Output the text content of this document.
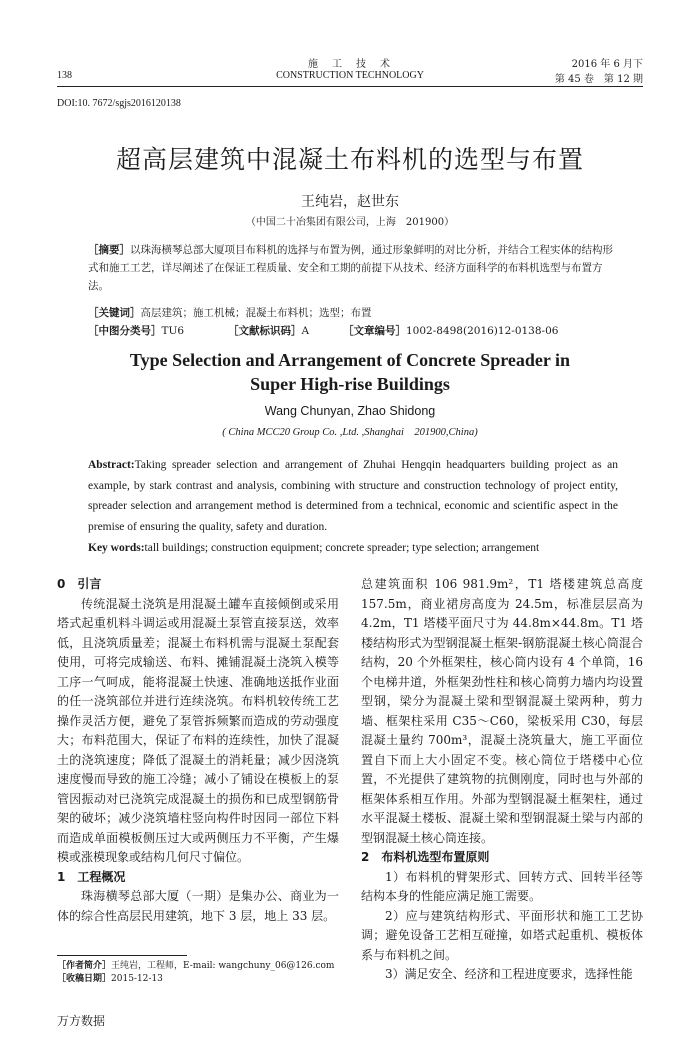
138
施　工　技　术
CONSTRUCTION TECHNOLOGY
2016 年 6 月下
第 45 卷　第 12 期
DOI:10. 7672/sgjs2016120138
超高层建筑中混凝土布料机的选型与布置
王纯岩，赵世东
（中国二十冶集团有限公司，上海　201900）
［摘要］以珠海横琴总部大厦项目布料机的选择与布置为例，通过形象鲜明的对比分析，并结合工程实体的结构形式和施工工艺，详尽阐述了在保证工程质量、安全和工期的前提下从技术、经济方面科学的布料机选型与布置方法。
［关键词］高层建筑；施工机械；混凝土布料机；选型；布置
［中图分类号］TU6	［文献标识码］A	［文章编号］1002-8498(2016)12-0138-06
Type Selection and Arrangement of Concrete Spreader in
Super High-rise Buildings
Wang Chunyan, Zhao Shidong
( China MCC20 Group Co. ,Ltd. ,Shanghai　201900,China)
Abstract:Taking spreader selection and arrangement of Zhuhai Hengqin headquarters building project as an example, by stark contrast and analysis, combining with structure and construction technology of project entity, spreader selection and arrangement method is determined from a technical, economic and scientific aspect in the premise of ensuring the quality, safety and duration.
Key words:tall buildings; construction equipment; concrete spreader; type selection; arrangement
0　引言

传统混凝土浇筑是用混凝土罐车直接倾倒或采用塔式起重机料斗调运或用混凝土泵管直接泵送，效率低，且浇筑质量差；混凝土布料机需与混凝土泵配套使用，可将完成输送、布料、摊铺混凝土浇筑入模等工序一气呵成，能将混凝土快速、准确地送抵作业面的任一浇筑部位并进行连续浇筑。布料机较传统工艺操作灵活方便，避免了泵管拆频繁而造成的劳动强度大；布料范围大，保证了布料的连续性，加快了混凝土的浇筑速度；降低了混凝土的消耗量；减少因浇筑速度慢而导致的施工冷缝；减小了铺设在模板上的泵管因振动对已浇筑完成混凝土的损伤和已成型钢筋骨架的破坏；减少浇筑墙柱竖向构件时因同一部位下料而造成单面模板侧压过大或两侧压力不平衡，产生爆模或涨模现象或结构几何尺寸偏位。

1　工程概况

珠海横琴总部大厦（一期）是集办公、商业为一体的综合性高层民用建筑，地下 3 层，地上 33 层。

［作者简介］王纯岩，工程师，E-mail: wangchuny_06@126.com
［收稿日期］2015-12-13

总建筑面积 106 981.9m²，T1 塔楼建筑总高度 157.5m，商业裙房高度为 24.5m，标准层层高为 4.2m，T1 塔楼平面尺寸为 44.8m×44.8m。T1 塔楼结构形式为型钢混凝土框架-钢筋混凝土核心筒混合结构，20 个外框架柱，核心筒内设有 4 个单筒，16 个电梯井道，外框架劲性柱和核心筒剪力墙内均设置型钢，梁分为混凝土梁和型钢混凝土梁两种，剪力墙、框架柱采用 C35～C60，梁板采用 C30，每层混凝土量约 700m³，混凝土浇筑量大，施工平面位置自下而上大小固定不变。核心筒位于塔楼中心位置，不光提供了建筑物的抗侧刚度，同时也与外部的框架体系相互作用。外部为型钢混凝土框架柱，通过水平混凝土楼板、混凝土梁和型钢混凝土梁与内部的型钢混凝土核心筒连接。

2　布料机选型布置原则

1）布料机的臂架形式、回转方式、回转半径等结构本身的性能应满足施工需要。

2）应与建筑结构形式、平面形状和施工工艺协调；避免设备工艺相互碰撞，如塔式起重机、模板体系与布料机之间。

3）满足安全、经济和工程进度要求，选择性能

万方数据
